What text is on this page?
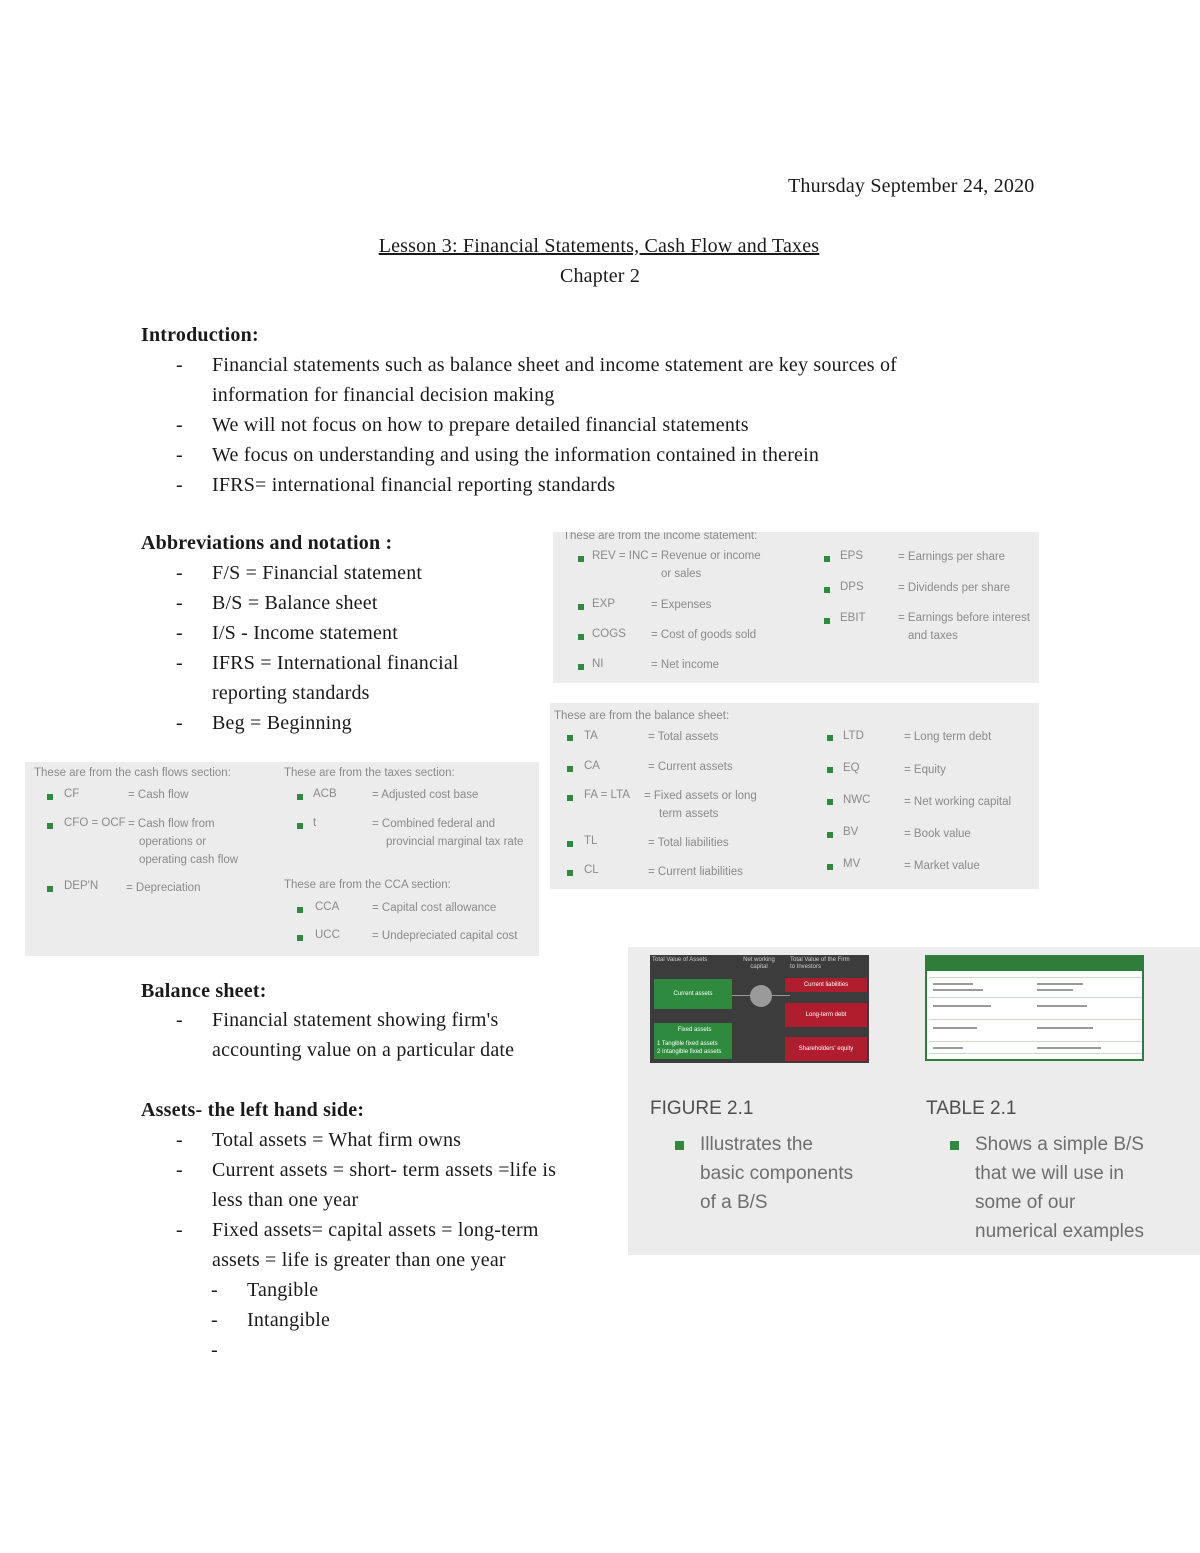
Thursday September 24, 2020
Lesson 3: Financial Statements, Cash Flow and Taxes
Chapter 2
Introduction:
- Financial statements such as balance sheet and income statement are key sources of
information for financial decision making
- We will not focus on how to prepare detailed financial statements
- We focus on understanding and using the information contained in therein
- IFRS= international financial reporting standards
Abbreviations and notation :
- F/S = Financial statement
- B/S = Balance sheet
- I/S - Income statement
- IFRS = International financial
reporting standards
- Beg = Beginning
These are from the income statement:
REV = INC = Revenue or income
or sales
EXP	= Expenses
COGS = Cost of goods sold
NI	= Net income
EPS	= Earnings per share
DPS	= Dividends per share
EBIT	= Earnings before interest
and taxes
These are from the balance sheet:
TA	= Total assets
CA	= Current assets
FA = LTA = Fixed assets or long
term assets
TL	= Total liabilities
CL	= Current liabilities
LTD	= Long term debt
EQ	= Equity
NWC	= Net working capital
BV	= Book value
MV	= Market value
These are from the cash flows section:
CF	= Cash flow
CFO = OCF = Cash flow from
operations or
operating cash flow
DEP'N = Depreciation
These are from the taxes section:
ACB	= Adjusted cost base
t	= Combined federal and
provincial marginal tax rate
These are from the CCA section:
CCA	= Capital cost allowance
UCC	= Undepreciated capital cost
Balance sheet:
- Financial statement showing firm's
accounting value on a particular date
Assets- the left hand side:
- Total assets = What firm owns
- Current assets = short- term assets =life is
less than one year
- Fixed assets= capital assets = long-term
assets = life is greater than one year
- Tangible
- Intangible
-
Total Value of Assets	Net working capital
Total Value of the Firm to Investors
Current assets
Fixed assets
1 Tangible fixed assets
2 Intangible fixed assets
Current liabilities
Long-term debt
Shareholders' equity
FIGURE 2.1
Illustrates the
basic components
of a B/S
TABLE 2.1
Shows a simple B/S
that we will use in
some of our
numerical examples
